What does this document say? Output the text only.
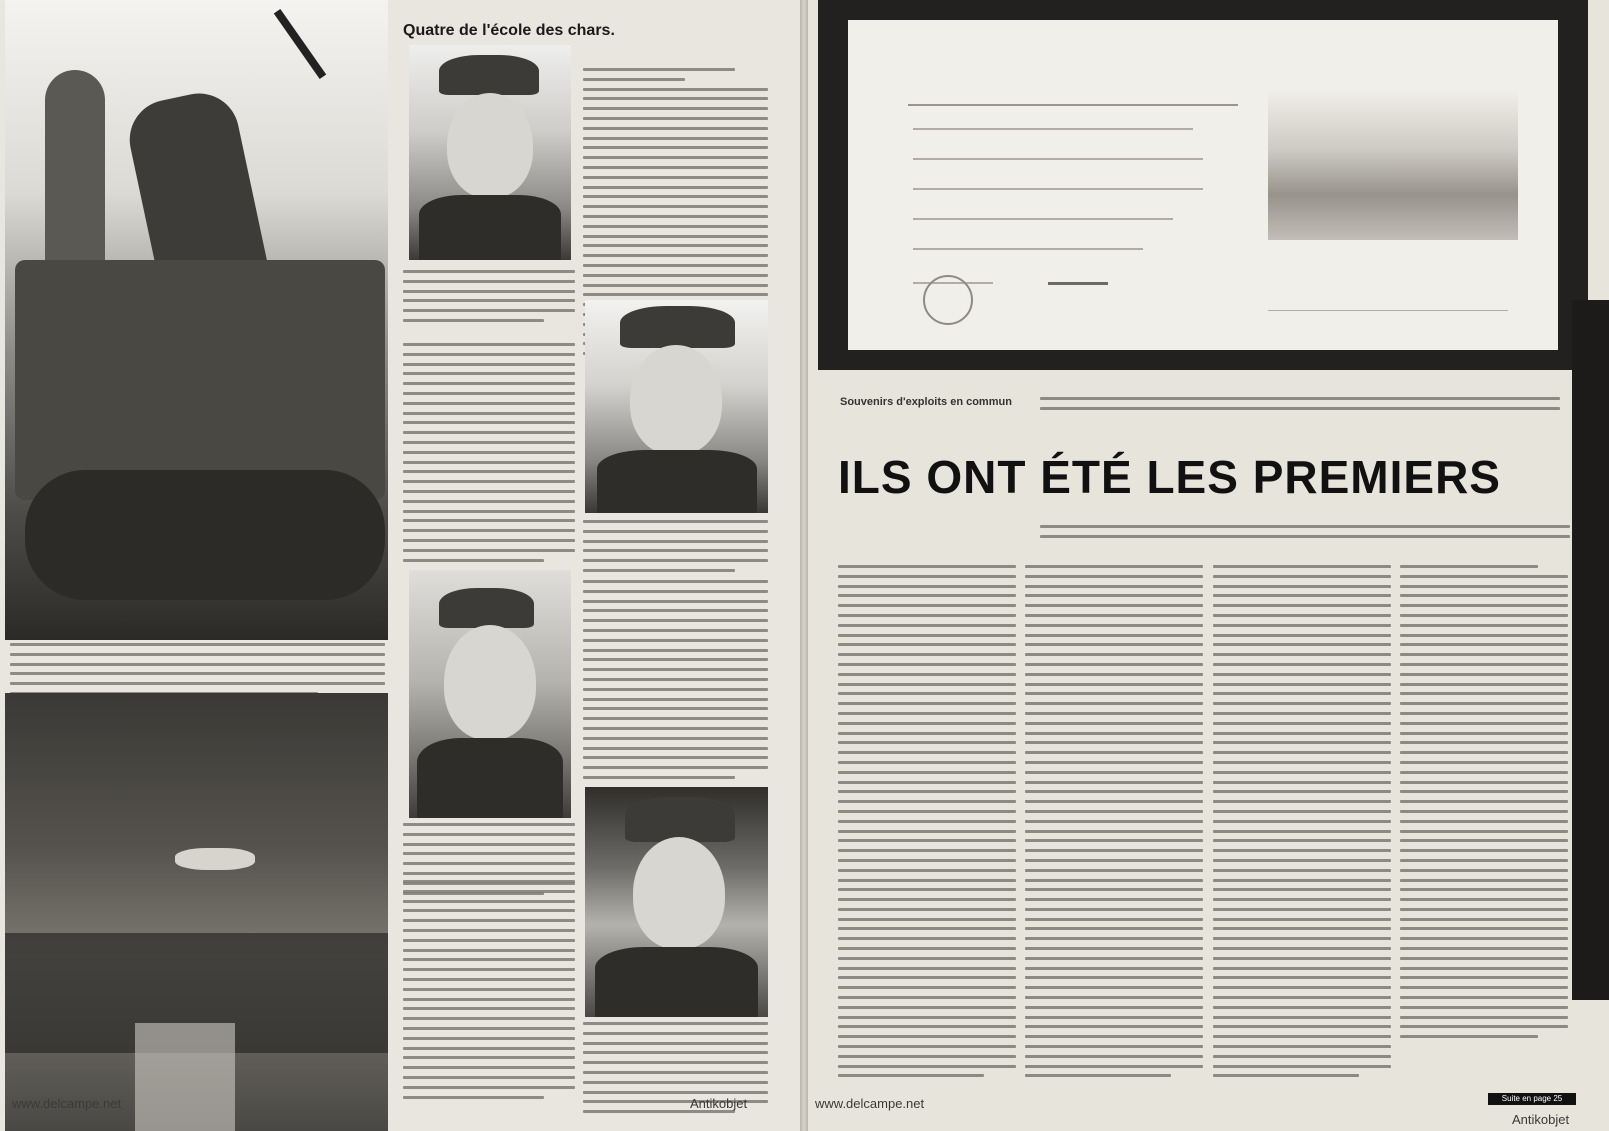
Quatre de l'école des chars.
www.delcampe.net	Antikobjet
Souvenirs d'exploits en commun
ILS ONT ÉTÉ LES PREMIERS
Suite en page 25
www.delcampe.net
Antikobjet
